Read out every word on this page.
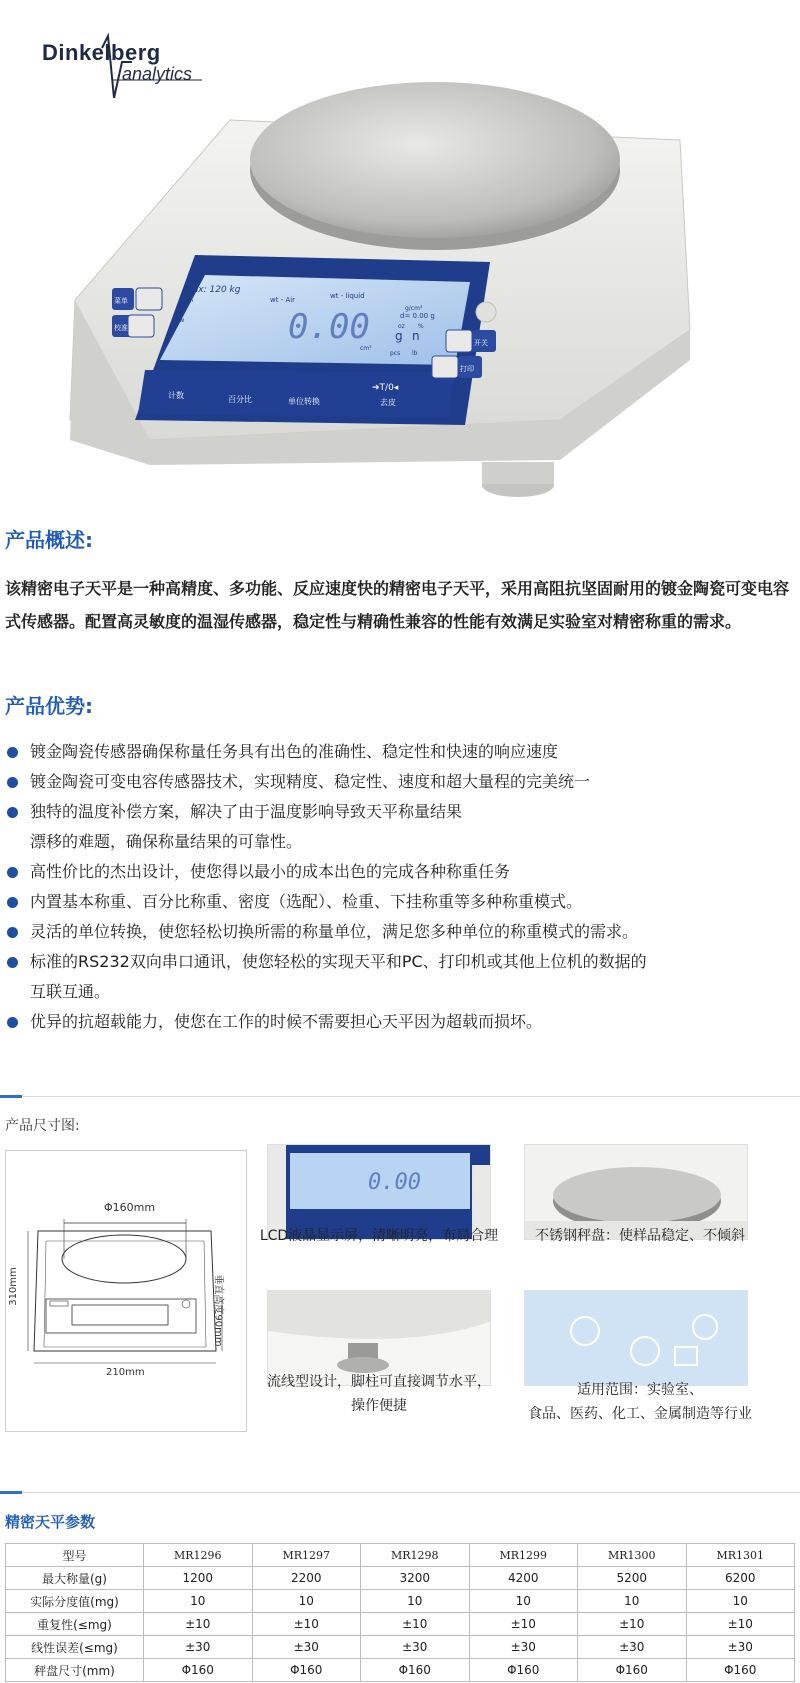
Dinkelberg
analytics
Max: 120 kg
high
low
wt - Air	wt - liquid
d= 0.00 g
0.00 g n
cm³
pcs lb
oz %
g/cm³
计数	百分比	单位转换
➔T/0◂
去皮
菜单
校准
开关
打印
产品概述:

该精密电子天平是一种高精度、多功能、反应速度快的精密电子天平，采用高阻抗坚固耐用的镀金陶瓷可变电容式传感器。配置高灵敏度的温湿传感器，稳定性与精确性兼容的性能有效满足实验室对精密称重的需求。

产品优势:
镀金陶瓷传感器确保称量任务具有出色的准确性、稳定性和快速的响应速度
镀金陶瓷可变电容传感器技术，实现精度、稳定性、速度和超大量程的完美统一
独特的温度补偿方案，解决了由于温度影响导致天平称量结果
漂移的难题，确保称量结果的可靠性。
高性价比的杰出设计，使您得以最小的成本出色的完成各种称重任务
内置基本称重、百分比称重、密度（选配）、检重、下挂称重等多种称重模式。
灵活的单位转换，使您轻松切换所需的称量单位，满足您多种单位的称重模式的需求。
标准的RS232双向串口通讯，使您轻松的实现天平和PC、打印机或其他上位机的数据的
互联互通。
优异的抗超载能力，使您在工作的时候不需要担心天平因为超载而损坏。
产品尺寸图:
Φ160mm
310mm
210mm
垂直高度90mm
0.00
LCD液晶显示屏，清晰明亮，布局合理	不锈钢秤盘：使样品稳定、不倾斜
流线型设计，脚柱可直接调节水平，
操作便捷
适用范围：实验室、
食品、医药、化工、金属制造等行业
精密天平参数
型号	MR1296	MR1297	MR1298	MR1299	MR1300	MR1301
最大称量(g)	1200	2200	3200	4200	5200	6200
实际分度值(mg)	10	10	10	10	10	10
重复性(≤mg)	±10	±10	±10	±10	±10	±10
线性误差(≤mg)	±30	±30	±30	±30	±30	±30
秤盘尺寸(mm)	Φ160	Φ160	Φ160	Φ160	Φ160	Φ160
